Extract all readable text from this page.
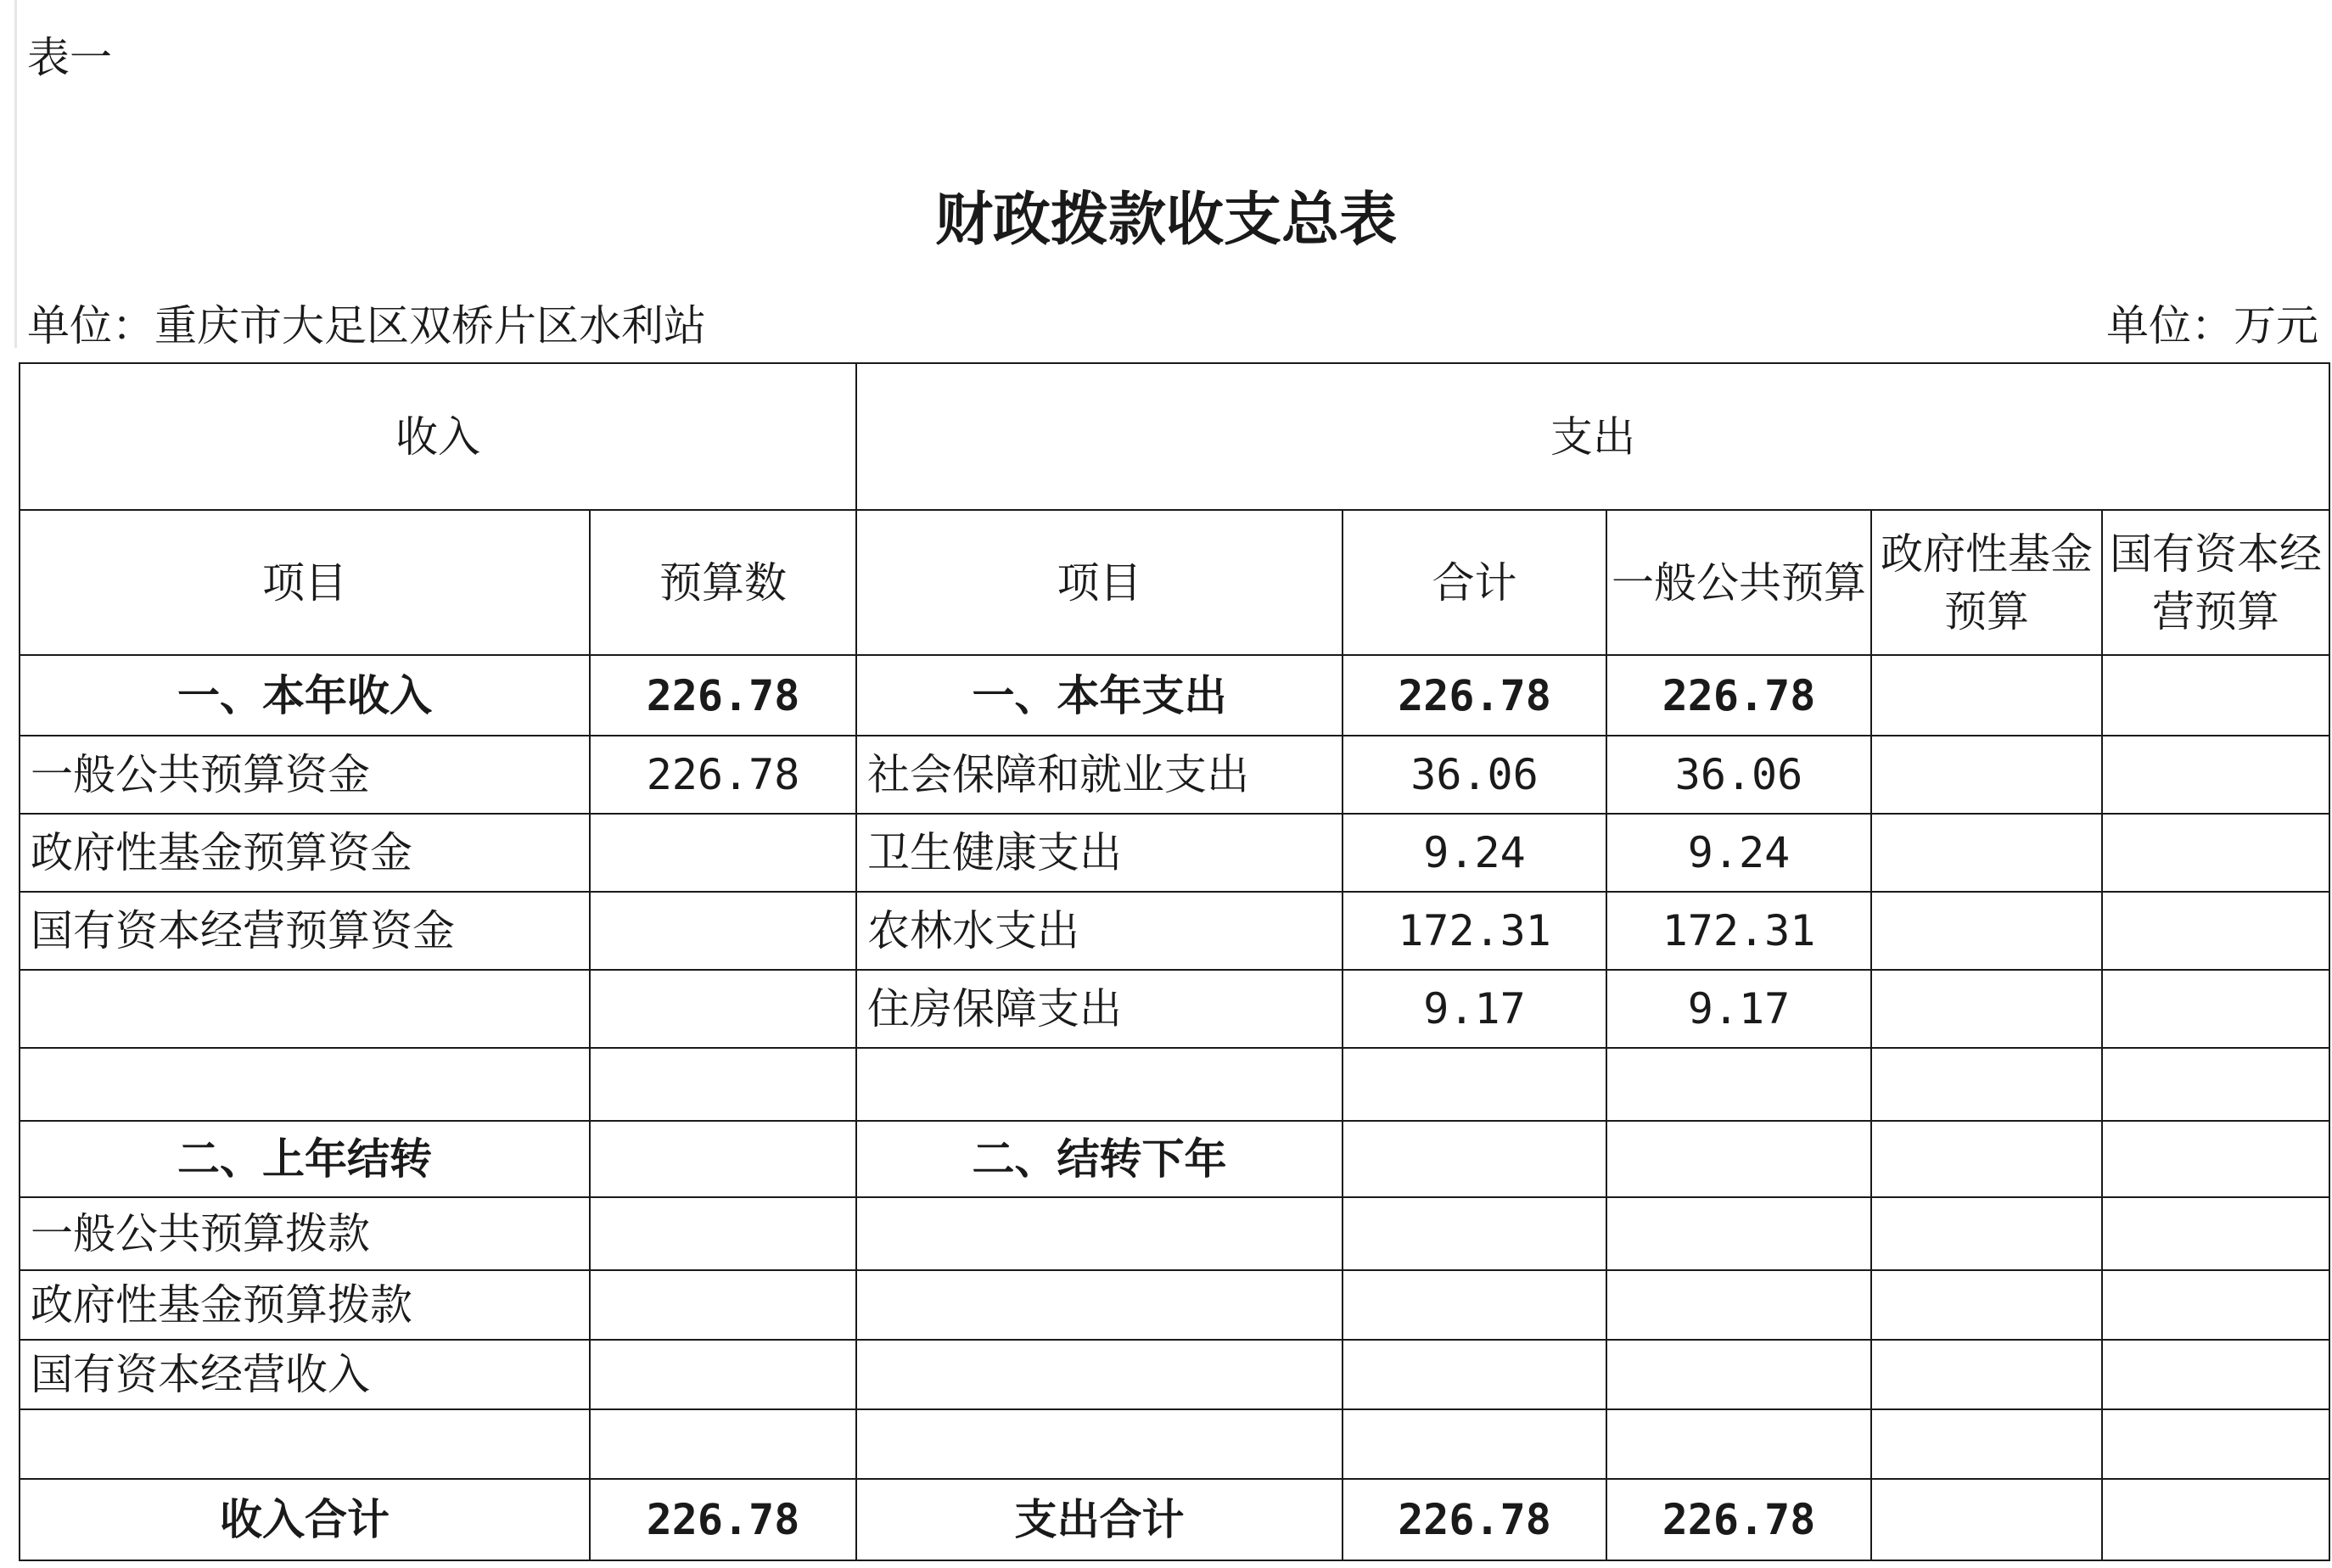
表一
财政拨款收支总表
单位：重庆市大足区双桥片区水利站	单位：万元
收入		支出				
项目	预算数	项目	合计	一般公共预算	政府性基金预算	国有资本经营预算
一、本年收入	226.78	一、本年支出	226.78	226.78		
一般公共预算资金	226.78	社会保障和就业支出	36.06	36.06		
政府性基金预算资金		卫生健康支出	9.24	9.24		
国有资本经营预算资金		农林水支出	172.31	172.31		
		住房保障支出	9.17	9.17		

二、上年结转		二、结转下年				
一般公共预算拨款						
政府性基金预算拨款						
国有资本经营收入						

收入合计	226.78	支出合计	226.78	226.78		
